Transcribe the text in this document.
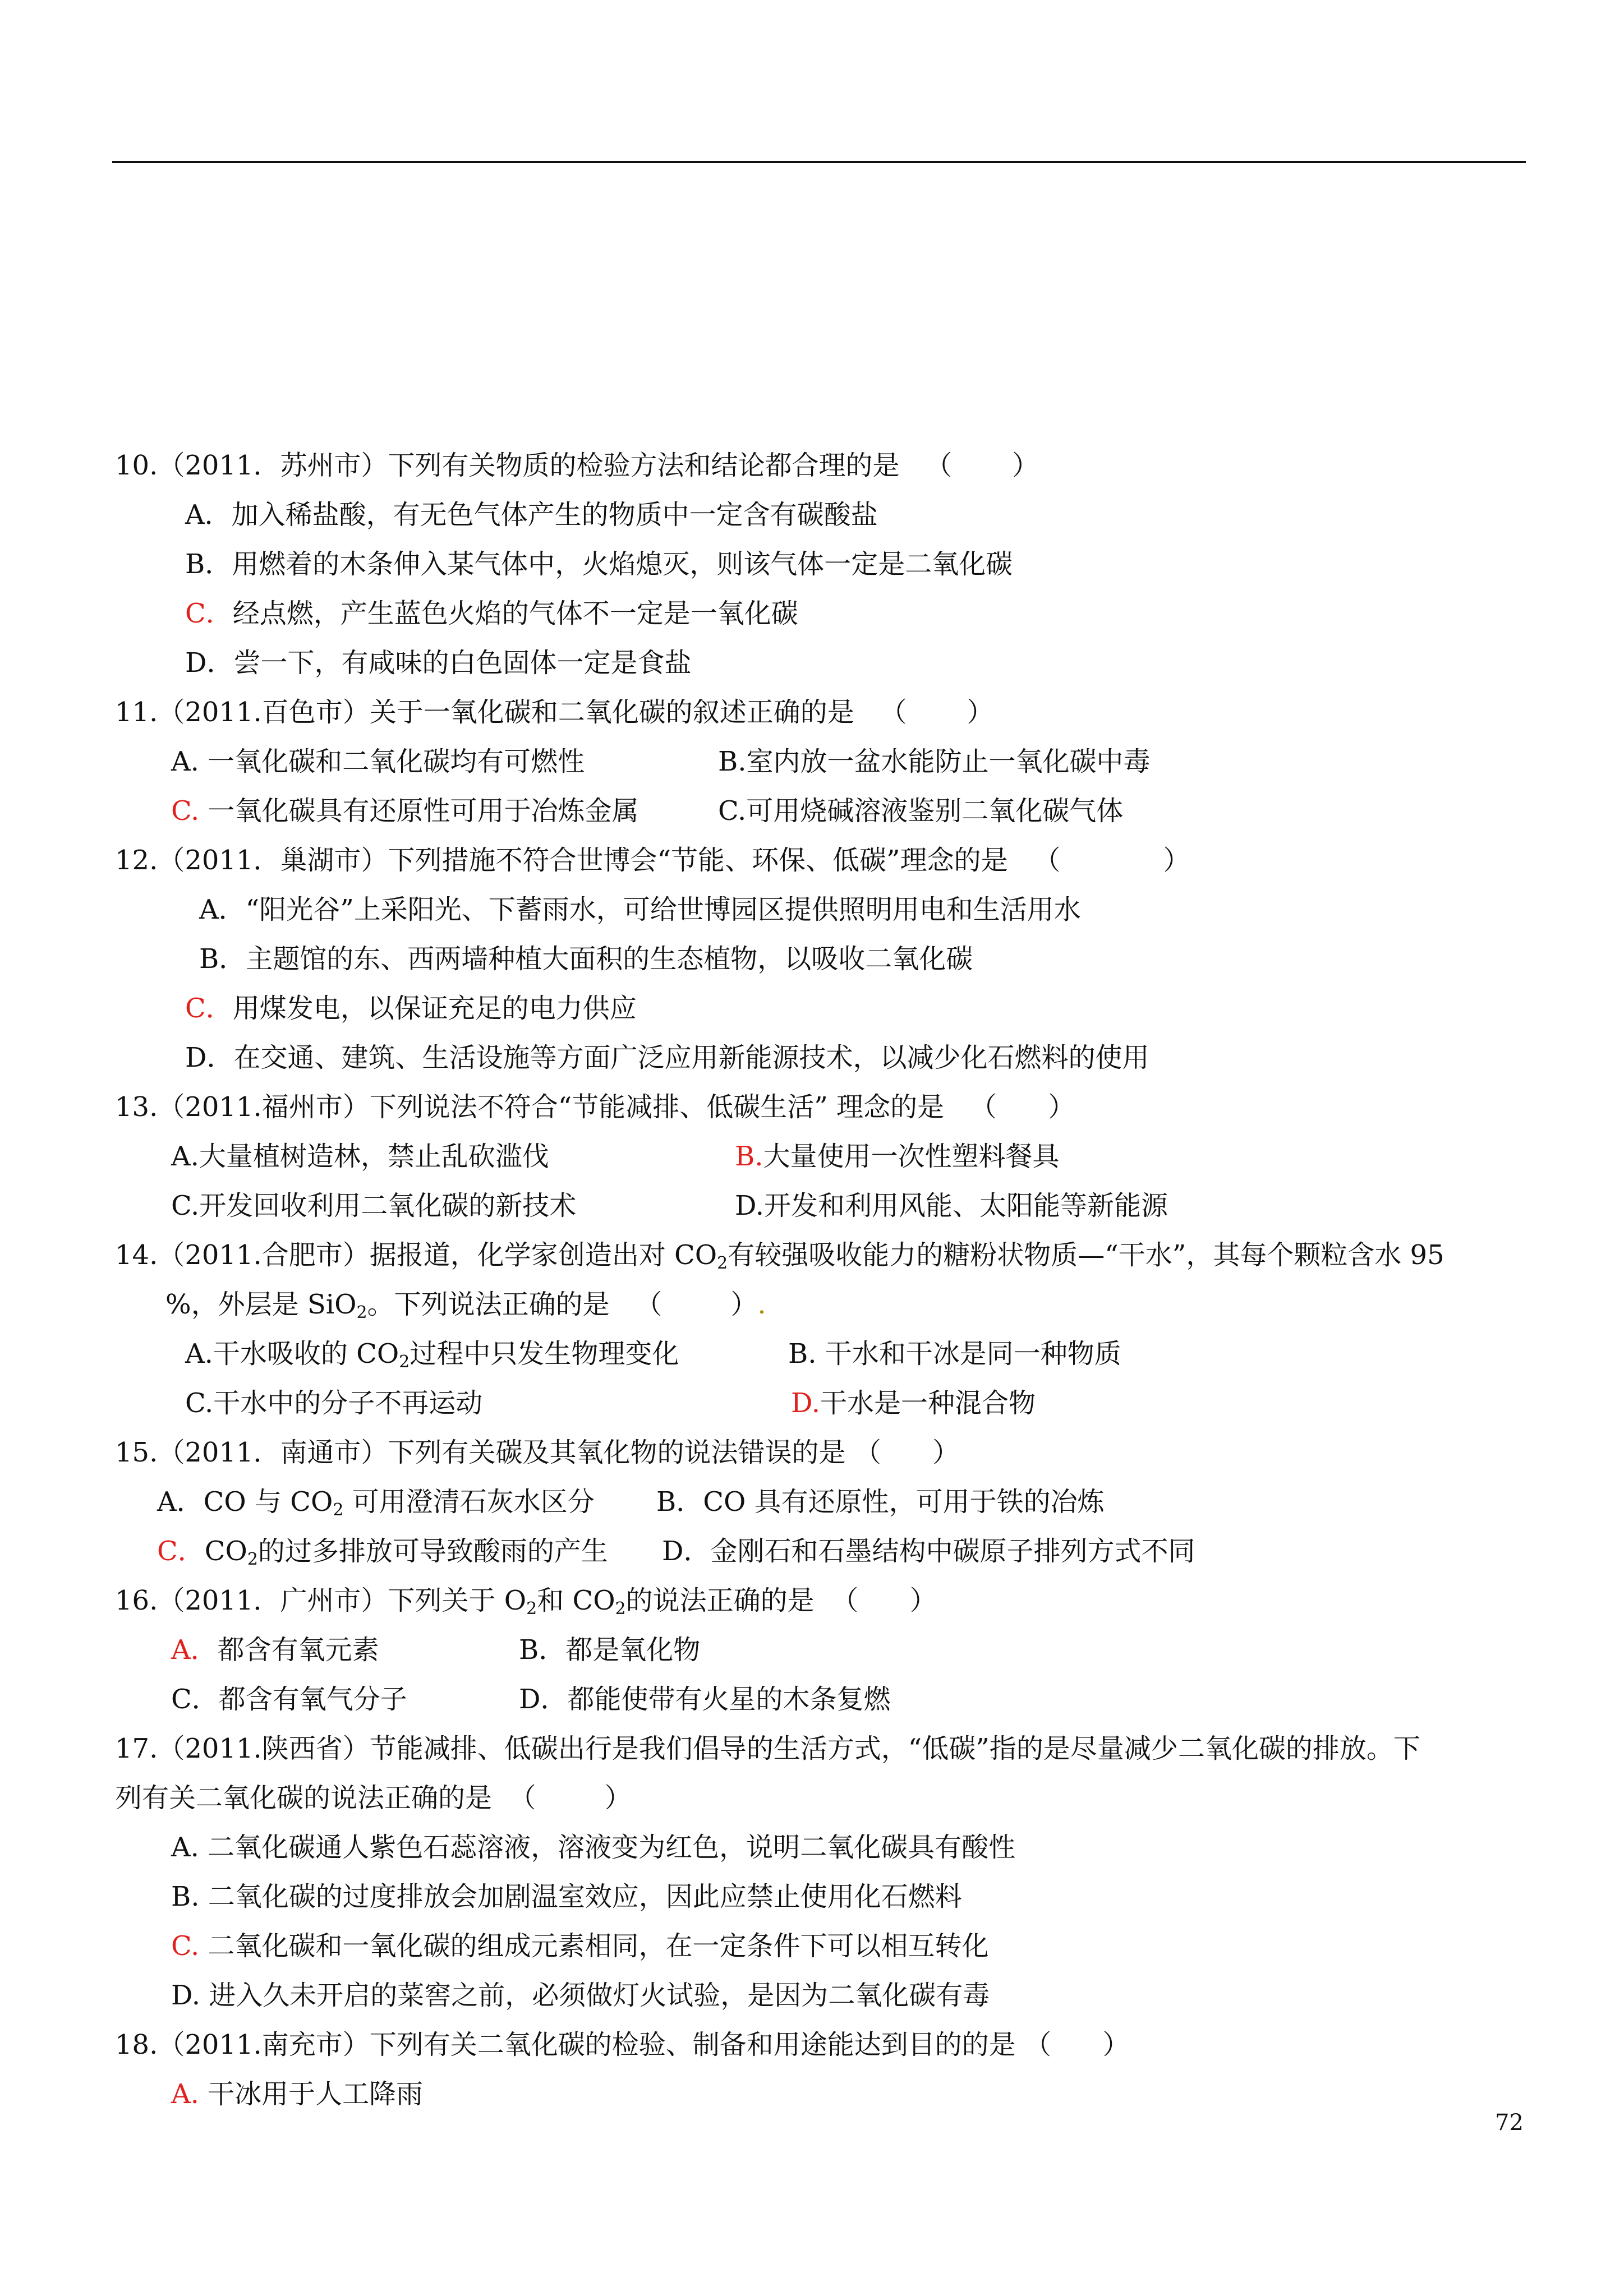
10.（2011．苏州市）下列有关物质的检验方法和结论都合理的是   （       ）
A．加入稀盐酸，有无色气体产生的物质中一定含有碳酸盐
B．用燃着的木条伸入某气体中，火焰熄灭，则该气体一定是二氧化碳
C．经点燃，产生蓝色火焰的气体不一定是一氧化碳
D．尝一下，有咸味的白色固体一定是食盐
11.（2011.百色市）关于一氧化碳和二氧化碳的叙述正确的是   （       ）
A. 一氧化碳和二氧化碳均有可燃性	B.室内放一盆水能防止一氧化碳中毒
C. 一氧化碳具有还原性可用于冶炼金属	C.可用烧碱溶液鉴别二氧化碳气体
12.（2011．巢湖市）下列措施不符合世博会“节能、环保、低碳”理念的是   （            ）
A．“阳光谷”上采阳光、下蓄雨水，可给世博园区提供照明用电和生活用水
B．主题馆的东、西两墙种植大面积的生态植物，以吸收二氧化碳
C．用煤发电，以保证充足的电力供应
D．在交通、建筑、生活设施等方面广泛应用新能源技术，以减少化石燃料的使用
13.（2011.福州市）下列说法不符合“节能减排、低碳生活” 理念的是   （      ）
A.大量植树造林，禁止乱砍滥伐	B.大量使用一次性塑料餐具
C.开发回收利用二氧化碳的新技术	D.开发和利用风能、太阳能等新能源
14.（2011.合肥市）据报道，化学家创造出对 $CO_2$有较强吸收能力的糖粉状物质—“干水”，其每个颗粒含水 95
%，外层是 SiO$_2$。下列说法正确的是   （        ）.
A.干水吸收的 $CO_2$过程中只发生物理变化	B. 干水和干冰是同一种物质
C.干水中的分子不再运动	D.干水是一种混合物
15.（2011．南通市）下列有关碳及其氧化物的说法错误的是 （      ）
A．CO 与 $CO_2$ 可用澄清石灰水区分 B．CO 具有还原性，可用于铁的冶炼
C．$CO_2$的过多排放可导致酸雨的产生 D．金刚石和石墨结构中碳原子排列方式不同
16.（2011．广州市）下列关于 $O_2$和 $CO_2$的说法正确的是  （      ）
A．都含有氧元素	B．都是氧化物
C．都含有氧气分子	D．都能使带有火星的木条复燃
17.（2011.陕西省）节能减排、低碳出行是我们倡导的生活方式，“低碳”指的是尽量减少二氧化碳的排放。下
列有关二氧化碳的说法正确的是  （        ）
A. 二氧化碳通人紫色石蕊溶液，溶液变为红色，说明二氧化碳具有酸性
B. 二氧化碳的过度排放会加剧温室效应，因此应禁止使用化石燃料
C. 二氧化碳和一氧化碳的组成元素相同，在一定条件下可以相互转化
D. 进入久未开启的菜窖之前，必须做灯火试验，是因为二氧化碳有毒
18.（2011.南充市）下列有关二氧化碳的检验、制备和用途能达到目的的是 （      ）
A. 干冰用于人工降雨
72
